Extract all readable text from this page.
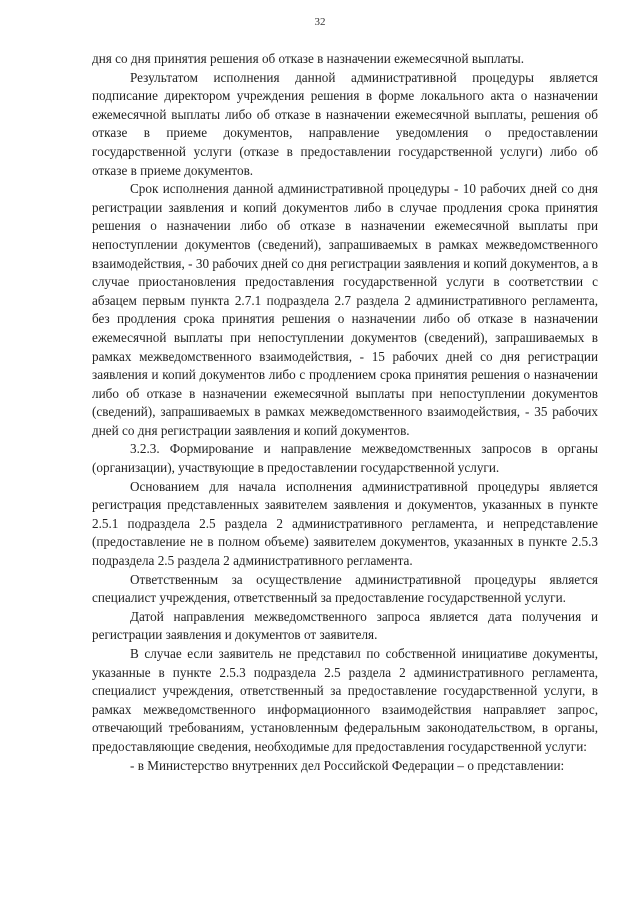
32

дня со дня принятия решения об отказе в назначении ежемесячной выплаты.

Результатом исполнения данной административной процедуры является подписание директором учреждения решения в форме локального акта о назначении ежемесячной выплаты либо об отказе в назначении ежемесячной выплаты, решения об отказе в приеме документов, направление уведомления о предоставлении государственной услуги (отказе в предоставлении государственной услуги) либо об отказе в приеме документов.

Срок исполнения данной административной процедуры - 10 рабочих дней со дня регистрации заявления и копий документов либо в случае продления срока принятия решения о назначении либо об отказе в назначении ежемесячной выплаты при непоступлении документов (сведений), запрашиваемых в рамках межведомственного взаимодействия, - 30 рабочих дней со дня регистрации заявления и копий документов, а в случае приостановления предоставления государственной услуги в соответствии с абзацем первым пункта 2.7.1 подраздела 2.7 раздела 2 административного регламента, без продления срока принятия решения о назначении либо об отказе в назначении ежемесячной выплаты при непоступлении документов (сведений), запрашиваемых в рамках межведомственного взаимодействия, - 15 рабочих дней со дня регистрации заявления и копий документов либо с продлением срока принятия решения о назначении либо об отказе в назначении ежемесячной выплаты при непоступлении документов (сведений), запрашиваемых в рамках межведомственного взаимодействия, - 35 рабочих дней со дня регистрации заявления и копий документов.

3.2.3. Формирование и направление межведомственных запросов в органы (организации), участвующие в предоставлении государственной услуги.

Основанием для начала исполнения административной процедуры является регистрация представленных заявителем заявления и документов, указанных в пункте 2.5.1 подраздела 2.5 раздела 2 административного регламента, и непредставление (предоставление не в полном объеме) заявителем документов, указанных в пункте 2.5.3 подраздела 2.5 раздела 2 административного регламента.

Ответственным за осуществление административной процедуры является специалист учреждения, ответственный за предоставление государственной услуги.

Датой направления межведомственного запроса является дата получения и регистрации заявления и документов от заявителя.

В случае если заявитель не представил по собственной инициативе документы, указанные в пункте 2.5.3 подраздела 2.5 раздела 2 административного регламента, специалист учреждения, ответственный за предоставление государственной услуги, в рамках межведомственного информационного взаимодействия направляет запрос, отвечающий требованиям, установленным федеральным законодательством, в органы, предоставляющие сведения, необходимые для предоставления государственной услуги:

- в Министерство внутренних дел Российской Федерации – о представлении:
